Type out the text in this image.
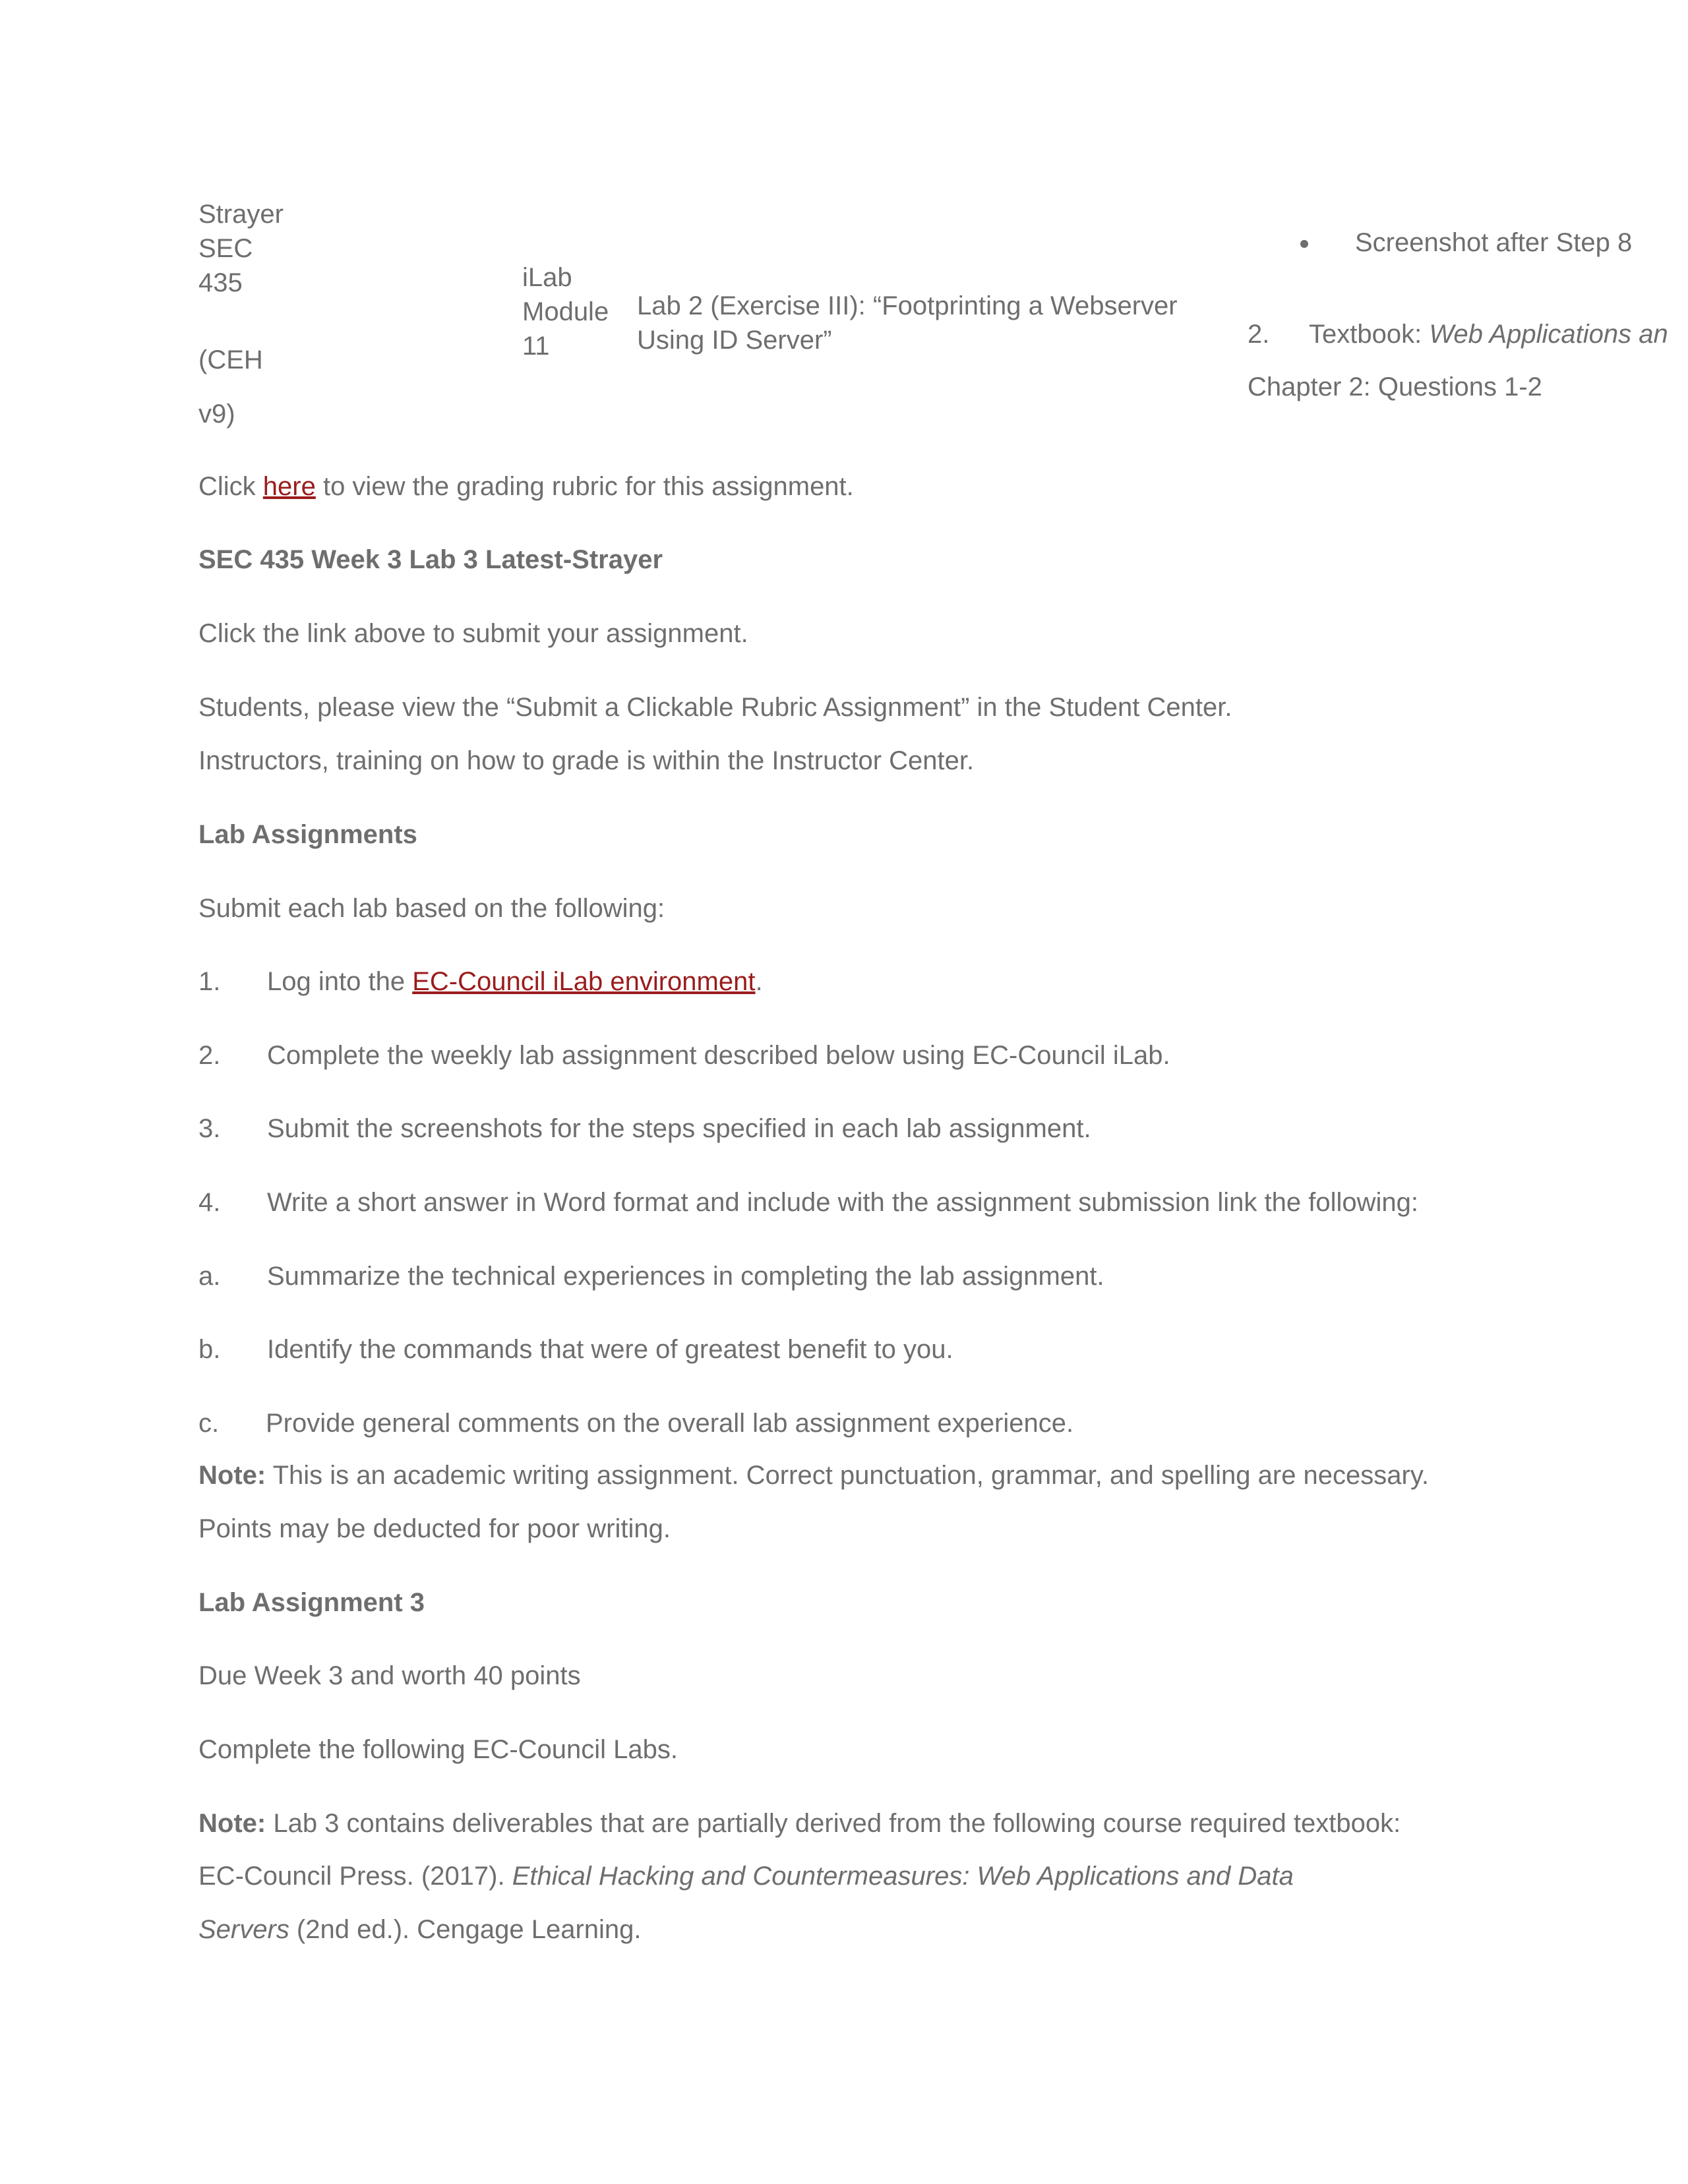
Strayer
SEC
435
(CEH
v9)
iLab
Module
11
Lab 2 (Exercise III): “Footprinting a Webserver
Using ID Server”
Screenshot after Step 8
2. Textbook: Web Applications an
Chapter 2: Questions 1-2
Click here to view the grading rubric for this assignment.
SEC 435 Week 3 Lab 3 Latest-Strayer
Click the link above to submit your assignment.
Students, please view the “Submit a Clickable Rubric Assignment” in the Student Center.
Instructors, training on how to grade is within the Instructor Center.
Lab Assignments
Submit each lab based on the following:
1. Log into the EC-Council iLab environment.
2. Complete the weekly lab assignment described below using EC-Council iLab.
3. Submit the screenshots for the steps specified in each lab assignment.
4. Write a short answer in Word format and include with the assignment submission link the following:
a. Summarize the technical experiences in completing the lab assignment.
b. Identify the commands that were of greatest benefit to you.
c. Provide general comments on the overall lab assignment experience.
Note: This is an academic writing assignment. Correct punctuation, grammar, and spelling are necessary.
Points may be deducted for poor writing.
Lab Assignment 3
Due Week 3 and worth 40 points
Complete the following EC-Council Labs.
Note: Lab 3 contains deliverables that are partially derived from the following course required textbook:
EC-Council Press. (2017). Ethical Hacking and Countermeasures: Web Applications and Data
Servers (2nd ed.). Cengage Learning.
